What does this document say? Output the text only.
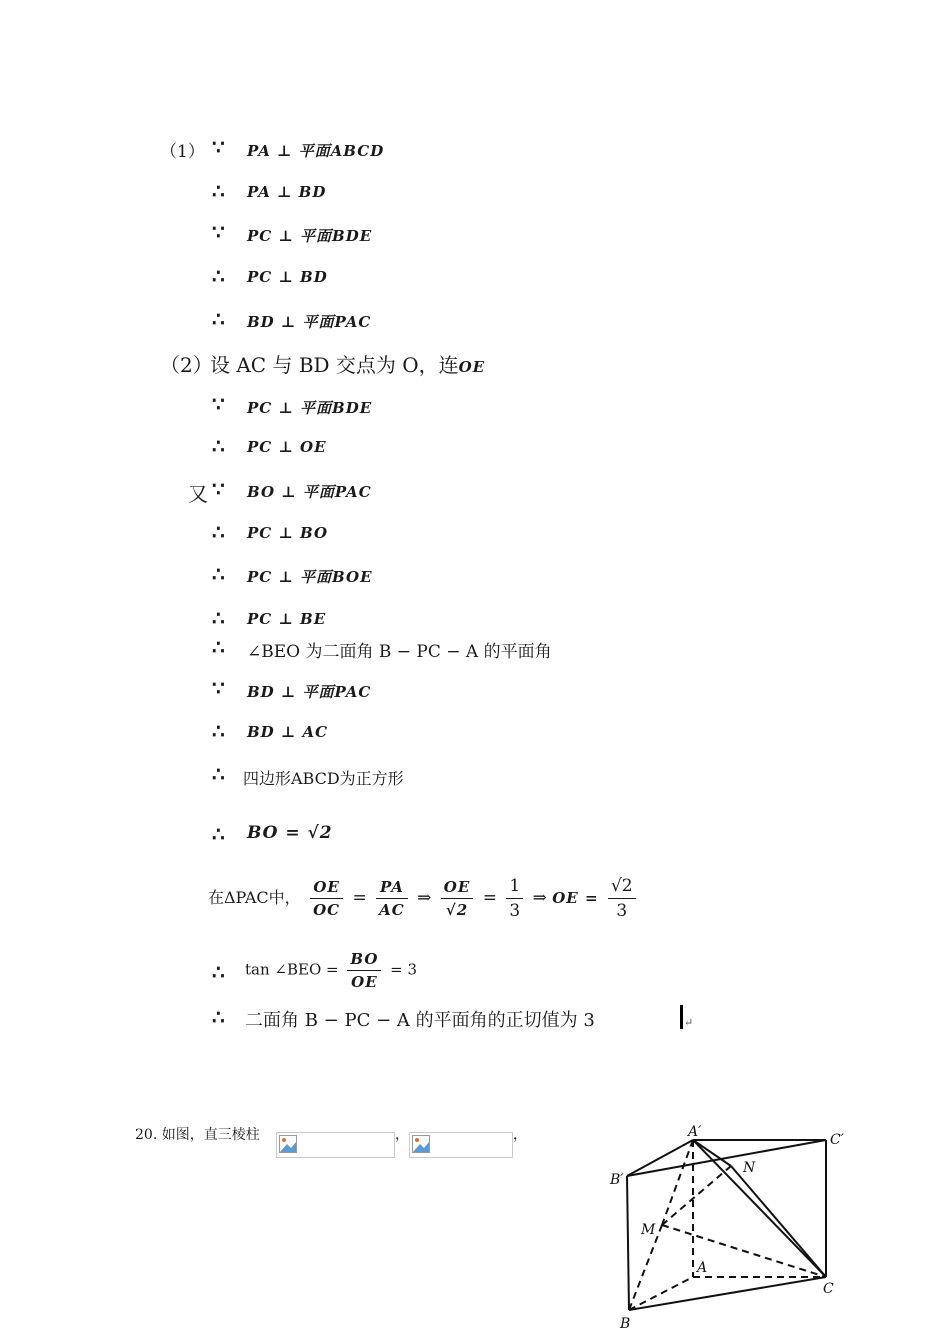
（1） ∵ PA ⊥ 平面ABCD
∴ PA ⊥ BD
∵ PC ⊥ 平面BDE
∴ PC ⊥ BD
∴ BD ⊥ 平面PAC
（2）
设 AC 与 BD 交点为 O，连OE
∵ PC ⊥ 平面BDE
∴ PC ⊥ OE
又 ∵ BO ⊥ 平面PAC
∴ PC ⊥ BO
∴ PC ⊥ 平面BOE
∴ PC ⊥ BE
∴ ∠BEO 为二面角 B − PC − A 的平面角
∵ BD ⊥ 平面PAC
∴ BD ⊥ AC
∴ 四边形ABCD为正方形
∴ BO = √2
在ΔPAC中， $\frac{OE}{OC} = \frac{PA}{AC}$ ⇒ $\frac{OE}{√2} = \frac{1}{3}$ ⇒ OE = $\frac{√2}{3}$
∴ tan ∠BEO = $\frac{BO}{OE} = 3$
∴ 二面角 B − PC − A 的平面角的正切值为 3	↵
20. 如图，直三棱柱	，	，	A′	C′
B′
N
M
A
C
B
